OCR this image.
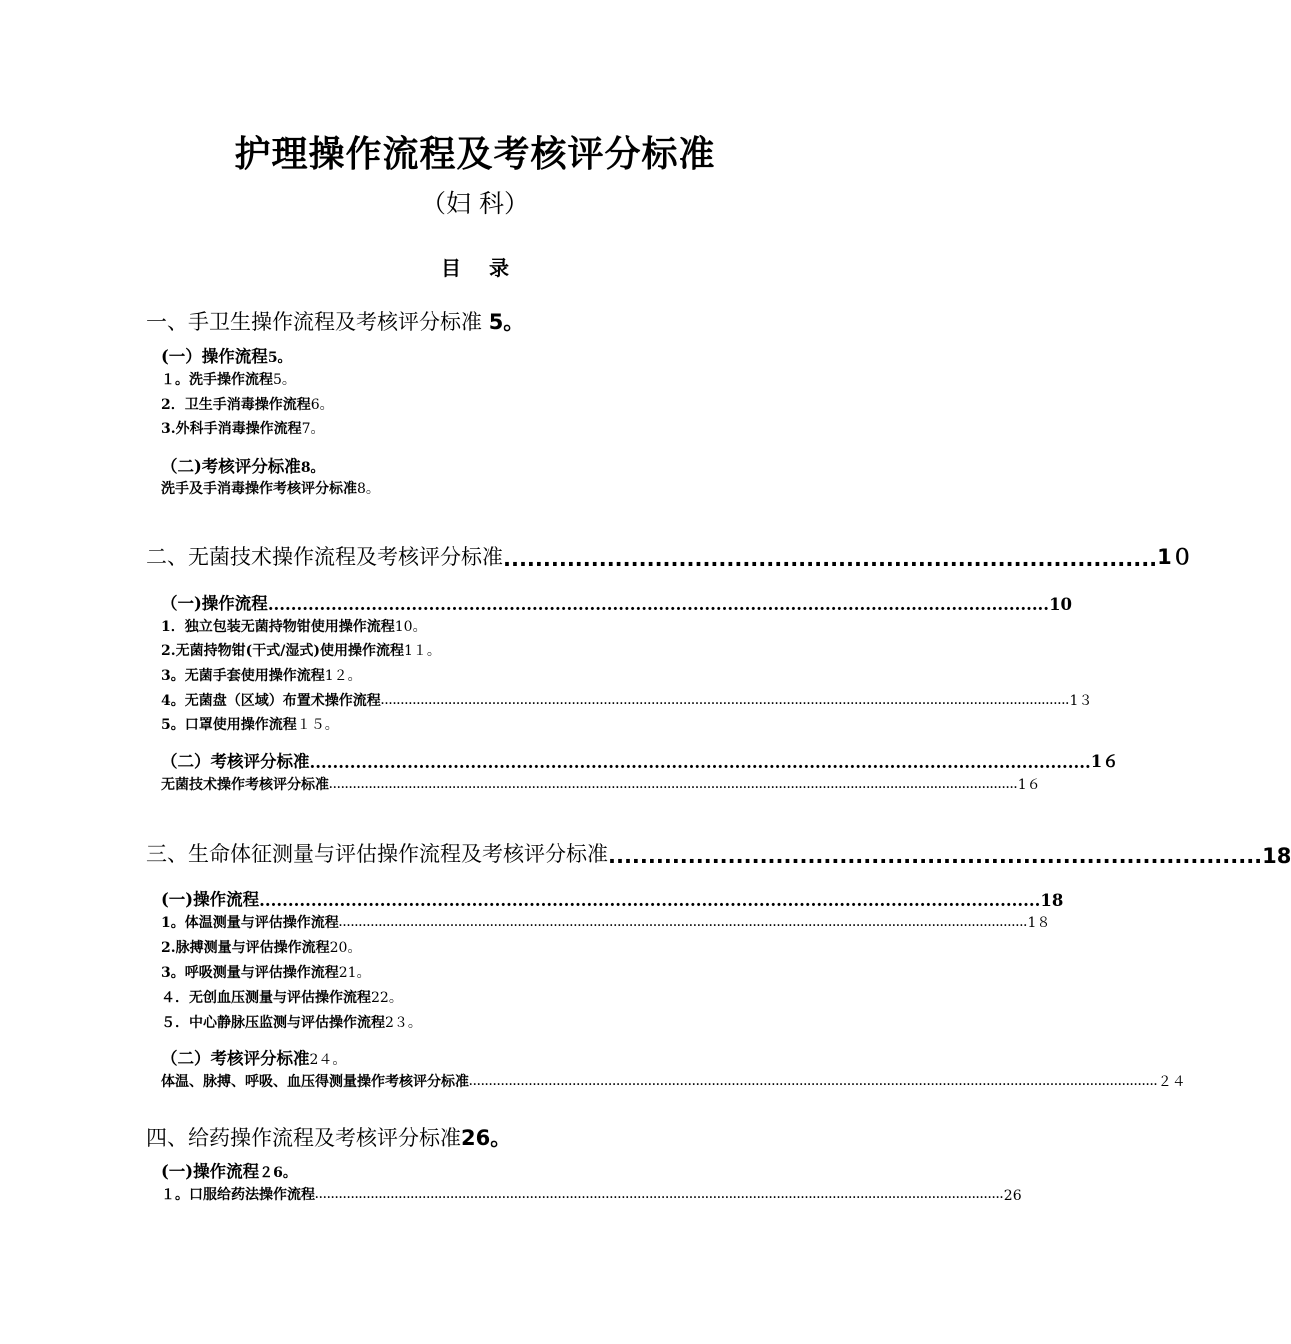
护理操作流程及考核评分标准
（妇 科）
目录
一、手卫生操作流程及考核评分标准 5。
(一）操作流程5。
１。洗手操作流程5。
2．卫生手消毒操作流程6。
3.外科手消毒操作流程7。
（二)考核评分标准8。
洗手及手消毒操作考核评分标准8。
二、无菌技术操作流程及考核评分标准 .................................................................................. 1０
（一)操作流程 ........................................................................................................................................ 10
1．独立包装无菌持物钳使用操作流程10。
2.无菌持物钳(干式/湿式)使用操作流程1１。
3。无菌手套使用操作流程1２。
4。无菌盘（区域）布置术操作流程 ............................................................................................................................................................................. 1３
5。口罩使用操作流程１５。
（二）考核评分标准 ........................................................................................................................................ 1６
无菌技术操作考核评分标准 ............................................................................................................................................................................. 1６
三、生命体征测量与评估操作流程及考核评分标准 .................................................................................. 18
(一)操作流程 ........................................................................................................................................ 18
1。体温测量与评估操作流程 ............................................................................................................................................................................. 1８
2.脉搏测量与评估操作流程20。
3。呼吸测量与评估操作流程21。
４．无创血压测量与评估操作流程22。
５．中心静脉压监测与评估操作流程2３。
（二）考核评分标准2４。
体温、脉搏、呼吸、血压得测量操作考核评分标准 ............................................................................................................................................................................. ２４
四、给药操作流程及考核评分标准26。
(一)操作流程２6。
１。口服给药法操作流程 ............................................................................................................................................................................. 26
